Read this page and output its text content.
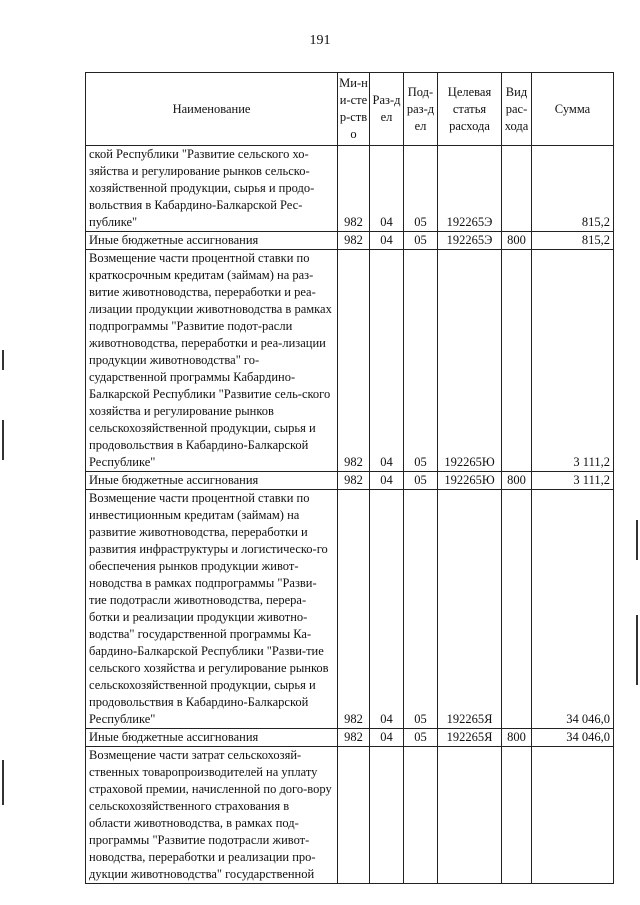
191
Наименование	Ми-ни-стер-ство	Раз-дел	Под-раз-дел	Целевая статья расхода	Вид рас-хода	Сумма
ской Республики "Развитие сельского хо-зяйства и регулирование рынков сельско-хозяйственной продукции, сырья и продо-вольствия в Кабардино-Балкарской Рес-публике"	982	04	05	192265Э		815,2
Иные бюджетные ассигнования	982	04	05	192265Э	800	815,2
Возмещение части процентной ставки по краткосрочным кредитам (займам) на раз-витие животноводства, переработки и реа-лизации продукции животноводства в рамках подпрограммы "Развитие подот-расли животноводства, переработки и реа-лизации продукции животноводства" го-сударственной программы Кабардино-Балкарской Республики "Развитие сель-ского хозяйства и регулирование рынков сельскохозяйственной продукции, сырья и продовольствия в Кабардино-Балкарской Республике"	982	04	05	192265Ю		3 111,2
Иные бюджетные ассигнования	982	04	05	192265Ю	800	3 111,2
Возмещение части процентной ставки по инвестиционным кредитам (займам) на развитие животноводства, переработки и развития инфраструктуры и логистическо-го обеспечения рынков продукции живот-новодства в рамках подпрограммы "Разви-тие подотрасли животноводства, перера-ботки и реализации продукции животно-водства" государственной программы Ка-бардино-Балкарской Республики "Разви-тие сельского хозяйства и регулирование рынков сельскохозяйственной продукции, сырья и продовольствия в Кабардино-Балкарской Республике"	982	04	05	192265Я		34 046,0
Иные бюджетные ассигнования	982	04	05	192265Я	800	34 046,0
Возмещение части затрат сельскохозяй-ственных товаропроизводителей на уплату страховой премии, начисленной по дого-вору сельскохозяйственного страхования в области животноводства, в рамках под-программы "Развитие подотрасли живот-новодства, переработки и реализации про-дукции животноводства" государственной						
